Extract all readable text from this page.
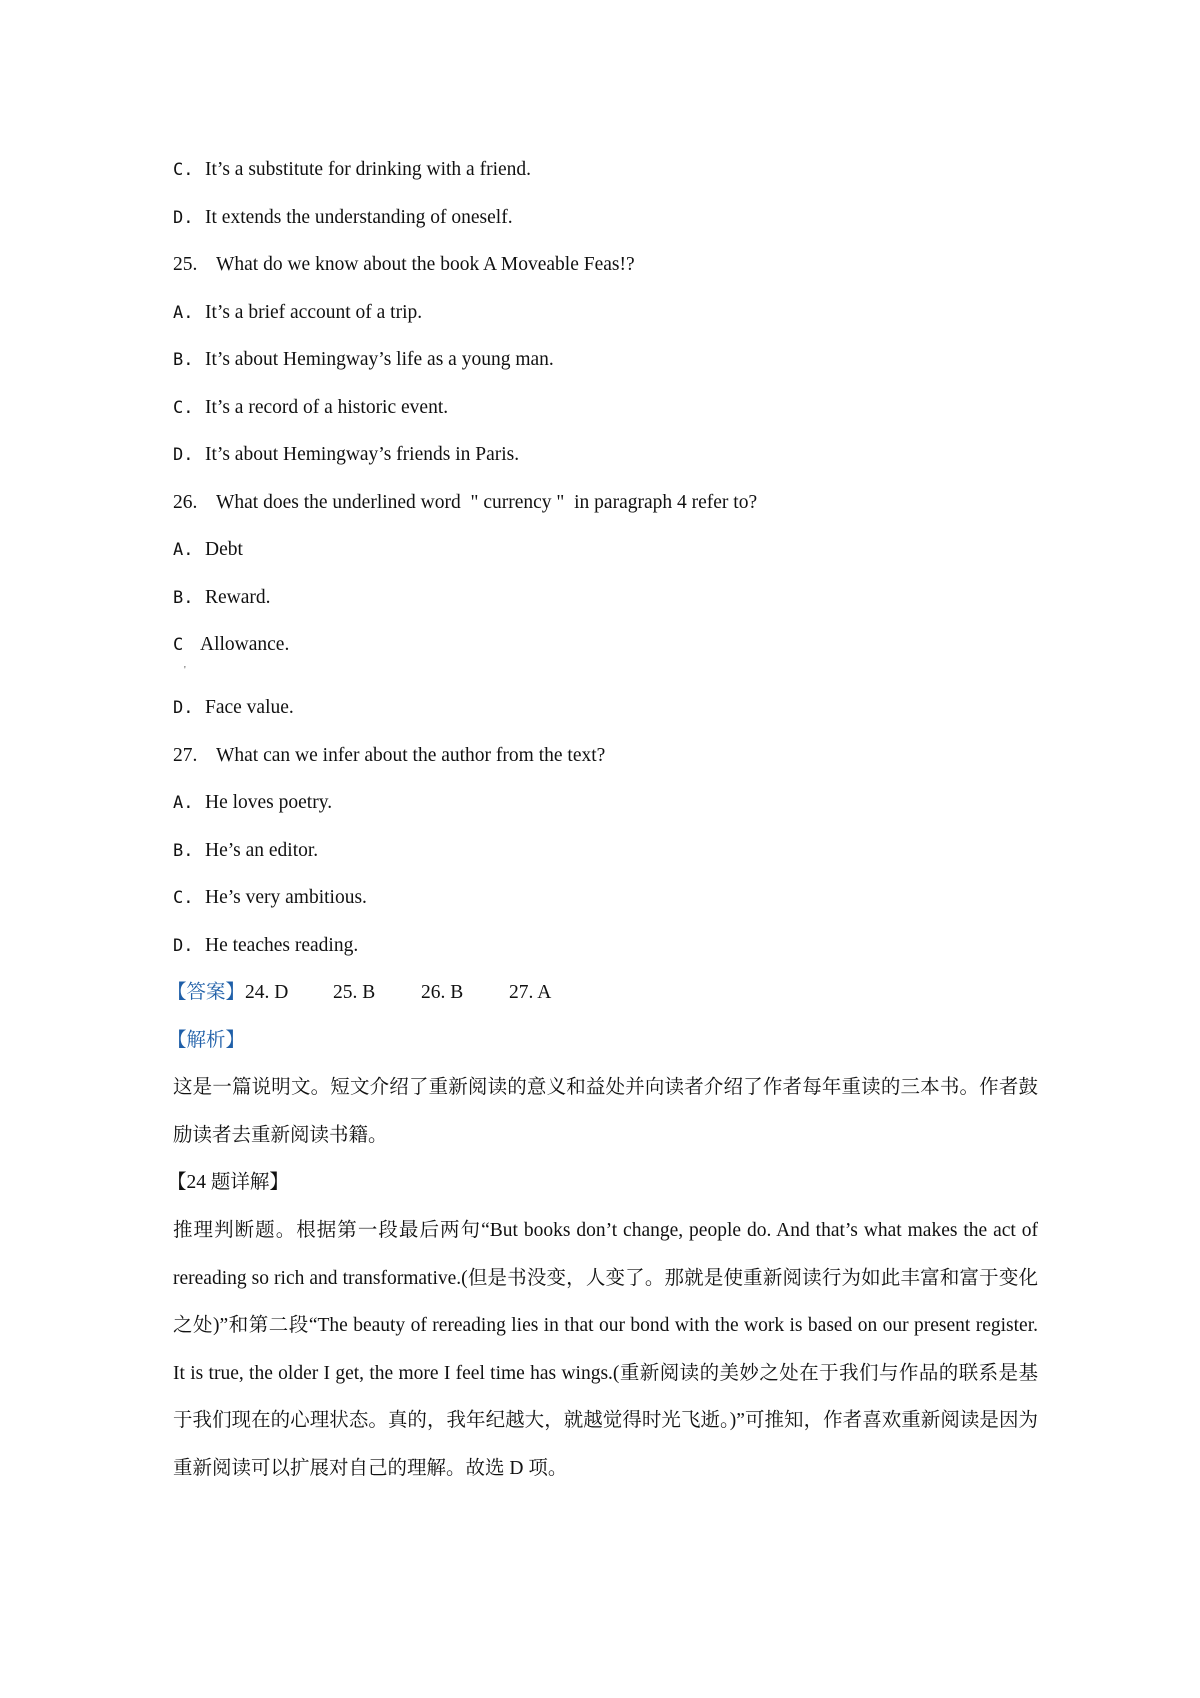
C. It’s a substitute for drinking with a friend.
D. It extends the understanding of oneself.
25. What do we know about the book A Moveable Feas!?
A. It’s a brief account of a trip.
B. It’s about Hemingway’s life as a young man.
C. It’s a record of a historic event.
D. It’s about Hemingway’s friends in Paris.
26. What does the underlined word  " currency "  in paragraph 4 refer to?
A. Debt
B. Reward.
C Allowance.
'
D. Face value.
27. What can we infer about the author from the text?
A. He loves poetry.
B. He’s an editor.
C. He’s very ambitious.
D. He teaches reading.
【答案】24. D 25. B 26. B 27. A
【解析】
这是一篇说明文。短文介绍了重新阅读的意义和益处并向读者介绍了作者每年重读的三本书。作者鼓励读者去重新阅读书籍。
【24 题详解】
推理判断题。根据第一段最后两句“But books don’t change, people do. And that’s what makes the act of rereading so rich and transformative.(但是书没变，人变了。那就是使重新阅读行为如此丰富和富于变化之处)”和第二段“The beauty of rereading lies in that our bond with the work is based on our present register. It is true, the older I get, the more I feel time has wings.(重新阅读的美妙之处在于我们与作品的联系是基于我们现在的心理状态。真的，我年纪越大，就越觉得时光飞逝。)”可推知，作者喜欢重新阅读是因为重新阅读可以扩展对自己的理解。故选 D 项。
